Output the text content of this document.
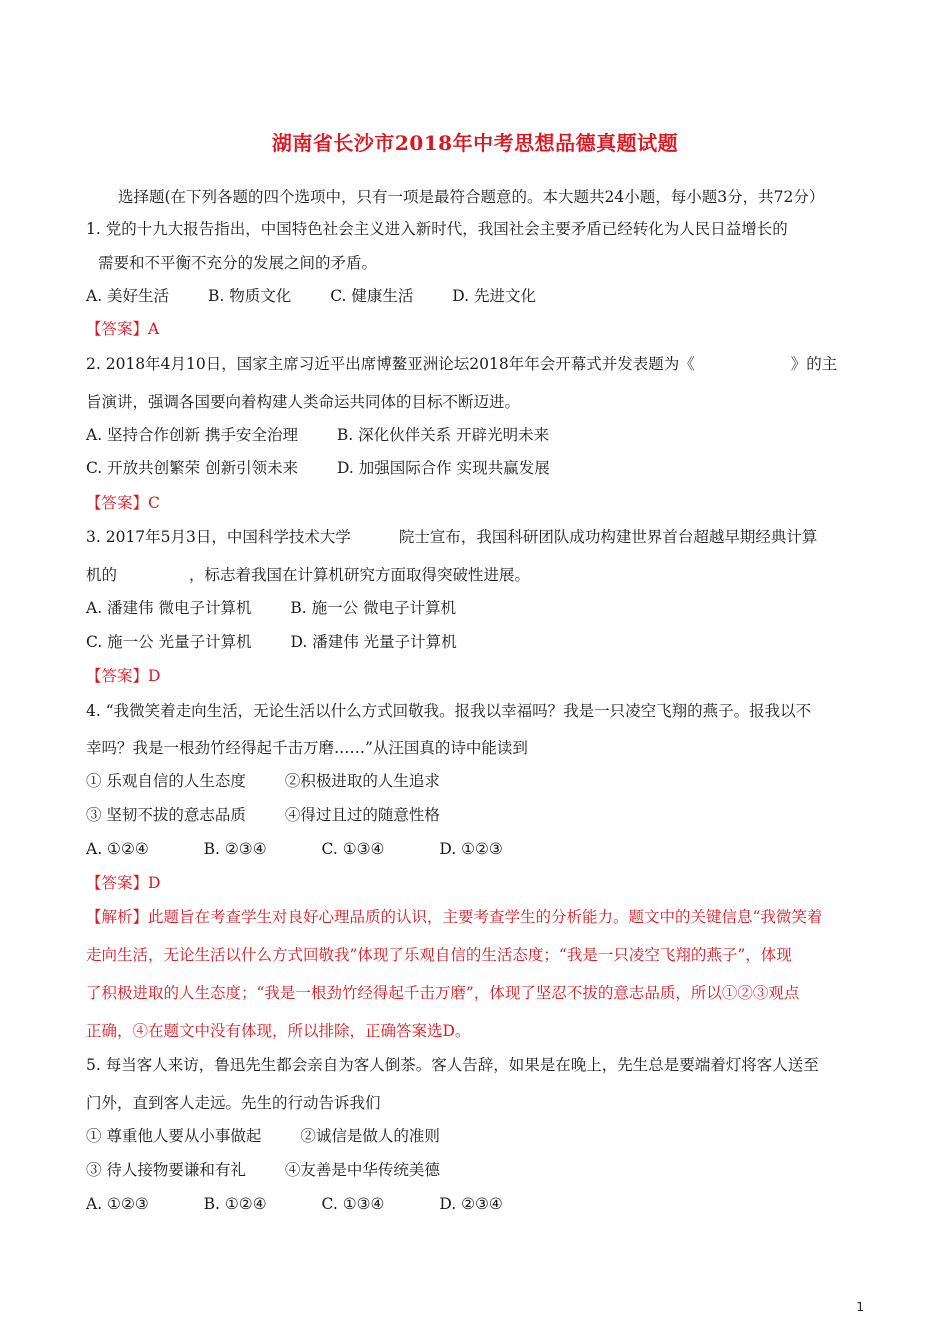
湖南省长沙市2018年中考思想品德真题试题

选择题(在下列各题的四个选项中，只有一项是最符合题意的。本大题共24小题，每小题3分，共72分）

1. 党的十九大报告指出，中国特色社会主义进入新时代，我国社会主要矛盾已经转化为人民日益增长的

需要和不平衡不充分的发展之间的矛盾。

A. 美好生活	B. 物质文化	C. 健康生活	D. 先进文化

【答案】A

2. 2018年4月10日，国家主席习近平出席博鳌亚洲论坛2018年年会开幕式并发表题为《	》的主

旨演讲，强调各国要向着构建人类命运共同体的目标不断迈进。

A. 坚持合作创新 携手安全治理	B. 深化伙伴关系 开辟光明未来

C. 开放共创繁荣 创新引领未来	D. 加强国际合作 实现共赢发展

【答案】C

3. 2017年5月3日，中国科学技术大学	院士宣布，我国科研团队成功构建世界首台超越早期经典计算

机的	，标志着我国在计算机研究方面取得突破性进展。

A. 潘建伟 微电子计算机	B. 施一公 微电子计算机

C. 施一公 光量子计算机	D. 潘建伟 光量子计算机

【答案】D

4. “我微笑着走向生活，无论生活以什么方式回敬我。报我以幸福吗？我是一只凌空飞翔的燕子。报我以不

幸吗？我是一根劲竹经得起千击万磨……”从汪国真的诗中能读到

① 乐观自信的人生态度	②积极进取的人生追求

③ 坚韧不拔的意志品质	④得过且过的随意性格

A. ①②④	B. ②③④	C. ①③④	D. ①②③

【答案】D

【解析】此题旨在考查学生对良好心理品质的认识，主要考查学生的分析能力。题文中的关键信息“我微笑着

走向生活，无论生活以什么方式回敬我”体现了乐观自信的生活态度；“我是一只凌空飞翔的燕子”，体现

了积极进取的人生态度；“我是一根劲竹经得起千击万磨”，体现了坚忍不拔的意志品质，所以①②③观点

正确，④在题文中没有体现，所以排除，正确答案选D。

5. 每当客人来访，鲁迅先生都会亲自为客人倒茶。客人告辞，如果是在晚上，先生总是要端着灯将客人送至

门外，直到客人走远。先生的行动告诉我们

① 尊重他人要从小事做起	②诚信是做人的准则

③ 待人接物要谦和有礼	④友善是中华传统美德

A. ①②③	B. ①②④	C. ①③④	D. ②③④

1
